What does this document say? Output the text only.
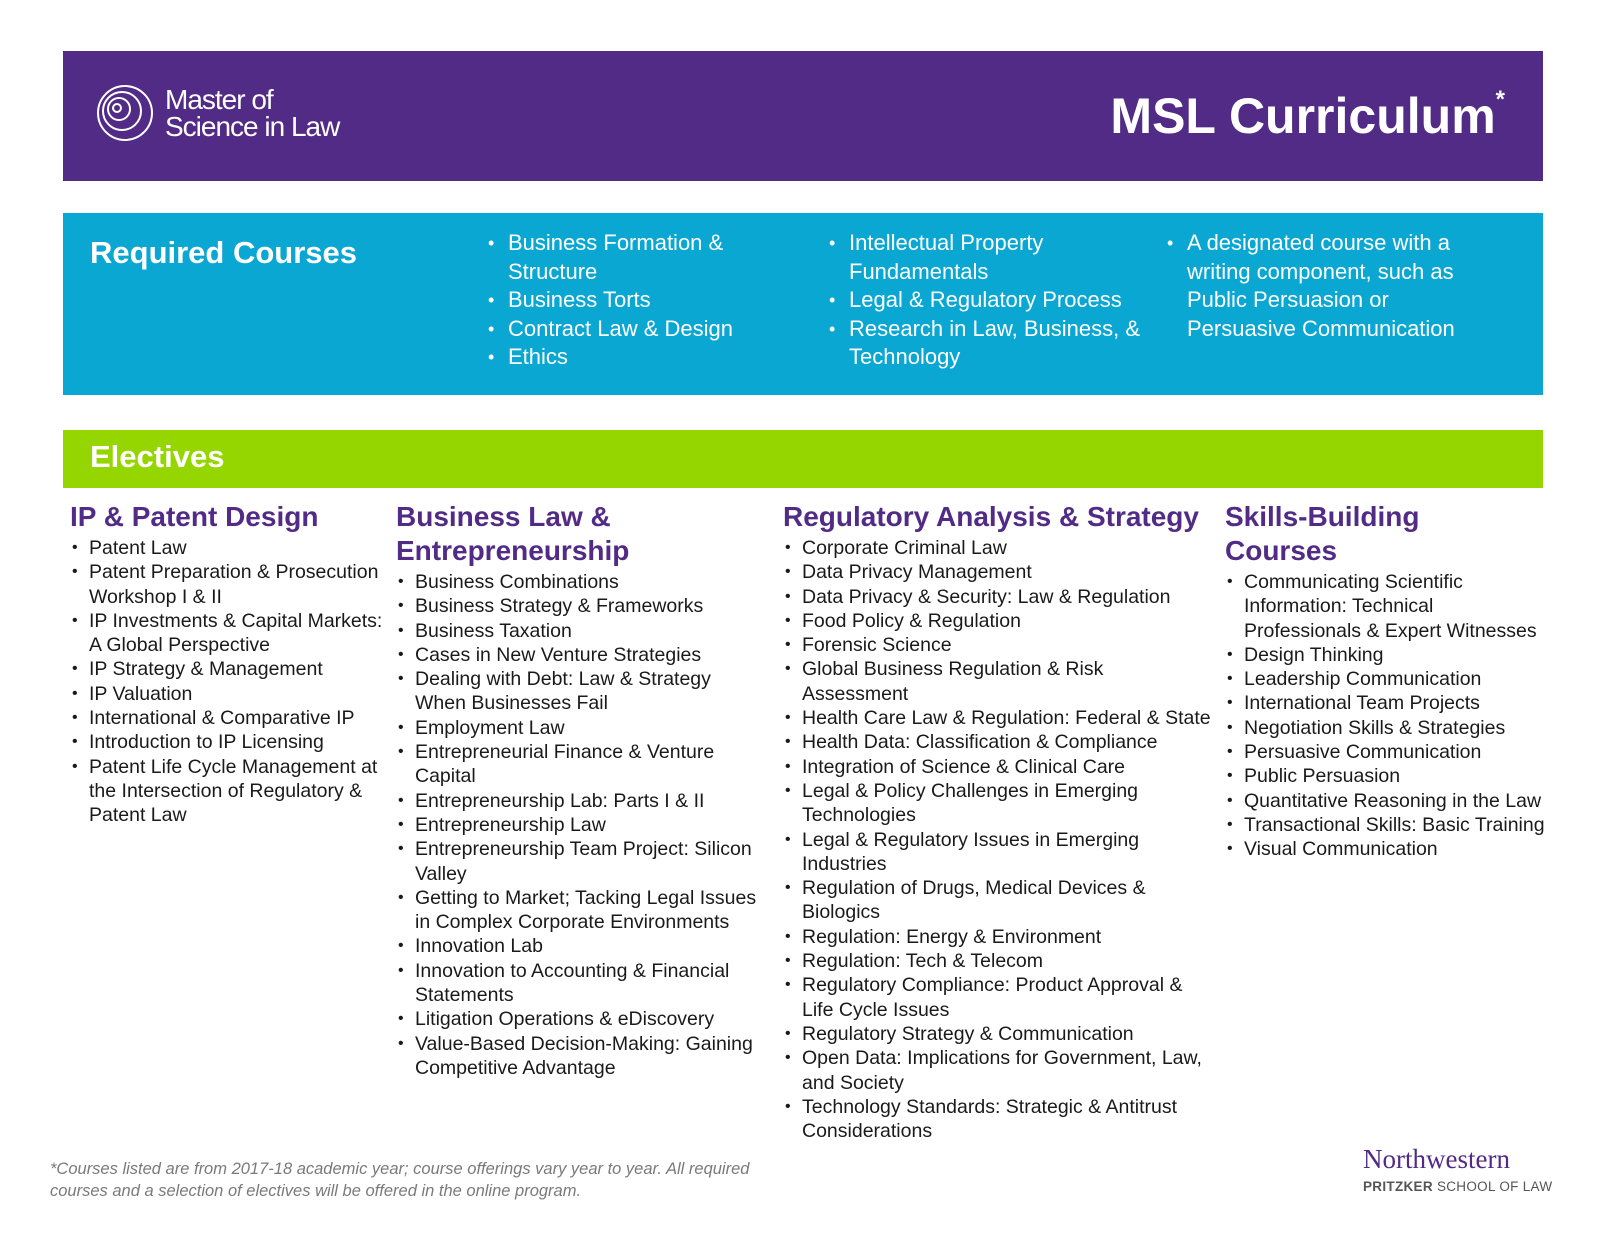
Master of
Science in Law	MSL Curriculum*
Required Courses
•	Business Formation & Structure
• Business Torts
• Contract Law & Design
• Ethics
• Intellectual Property Fundamentals
• Legal & Regulatory Process
• Research in Law, Business, & Technology
• A designated course with a writing component, such as Public Persuasion or Persuasive Communication
Electives
IP & Patent Design
• Patent Law
• Patent Preparation & Prosecution Workshop I & II
• IP Investments & Capital Markets: A Global Perspective
• IP Strategy & Management
• IP Valuation
• International & Comparative IP
• Introduction to IP Licensing
• Patent Life Cycle Management at the Intersection of Regulatory & Patent Law
Business Law & Entrepreneurship
• Business Combinations
• Business Strategy & Frameworks
• Business Taxation
• Cases in New Venture Strategies
• Dealing with Debt: Law & Strategy When Businesses Fail
• Employment Law
• Entrepreneurial Finance & Venture Capital
• Entrepreneurship Lab: Parts I & II
• Entrepreneurship Law
• Entrepreneurship Team Project: Silicon Valley
• Getting to Market; Tacking Legal Issues in Complex Corporate Environments
• Innovation Lab
• Innovation to Accounting & Financial Statements
• Litigation Operations & eDiscovery
• Value-Based Decision-Making: Gaining Competitive Advantage
Regulatory Analysis & Strategy
• Corporate Criminal Law
• Data Privacy Management
• Data Privacy & Security: Law & Regulation
• Food Policy & Regulation
• Forensic Science
• Global Business Regulation & Risk Assessment
• Health Care Law & Regulation: Federal & State
• Health Data: Classification & Compliance
• Integration of Science & Clinical Care
• Legal & Policy Challenges in Emerging Technologies
• Legal & Regulatory Issues in Emerging Industries
• Regulation of Drugs, Medical Devices & Biologics
• Regulation: Energy & Environment
• Regulation: Tech & Telecom
• Regulatory Compliance: Product Approval & Life Cycle Issues
• Regulatory Strategy & Communication
• Open Data: Implications for Government, Law, and Society
• Technology Standards: Strategic & Antitrust Considerations
Skills-Building Courses
• Communicating Scientific Information: Technical Professionals & Expert Witnesses
• Design Thinking
• Leadership Communication
• International Team Projects
• Negotiation Skills & Strategies
• Persuasive Communication
• Public Persuasion
• Quantitative Reasoning in the Law
• Transactional Skills: Basic Training
• Visual Communication
*Courses listed are from 2017-18 academic year; course offerings vary year to year. All required courses and a selection of electives will be offered in the online program.
Northwestern
PRITZKER SCHOOL OF LAW
